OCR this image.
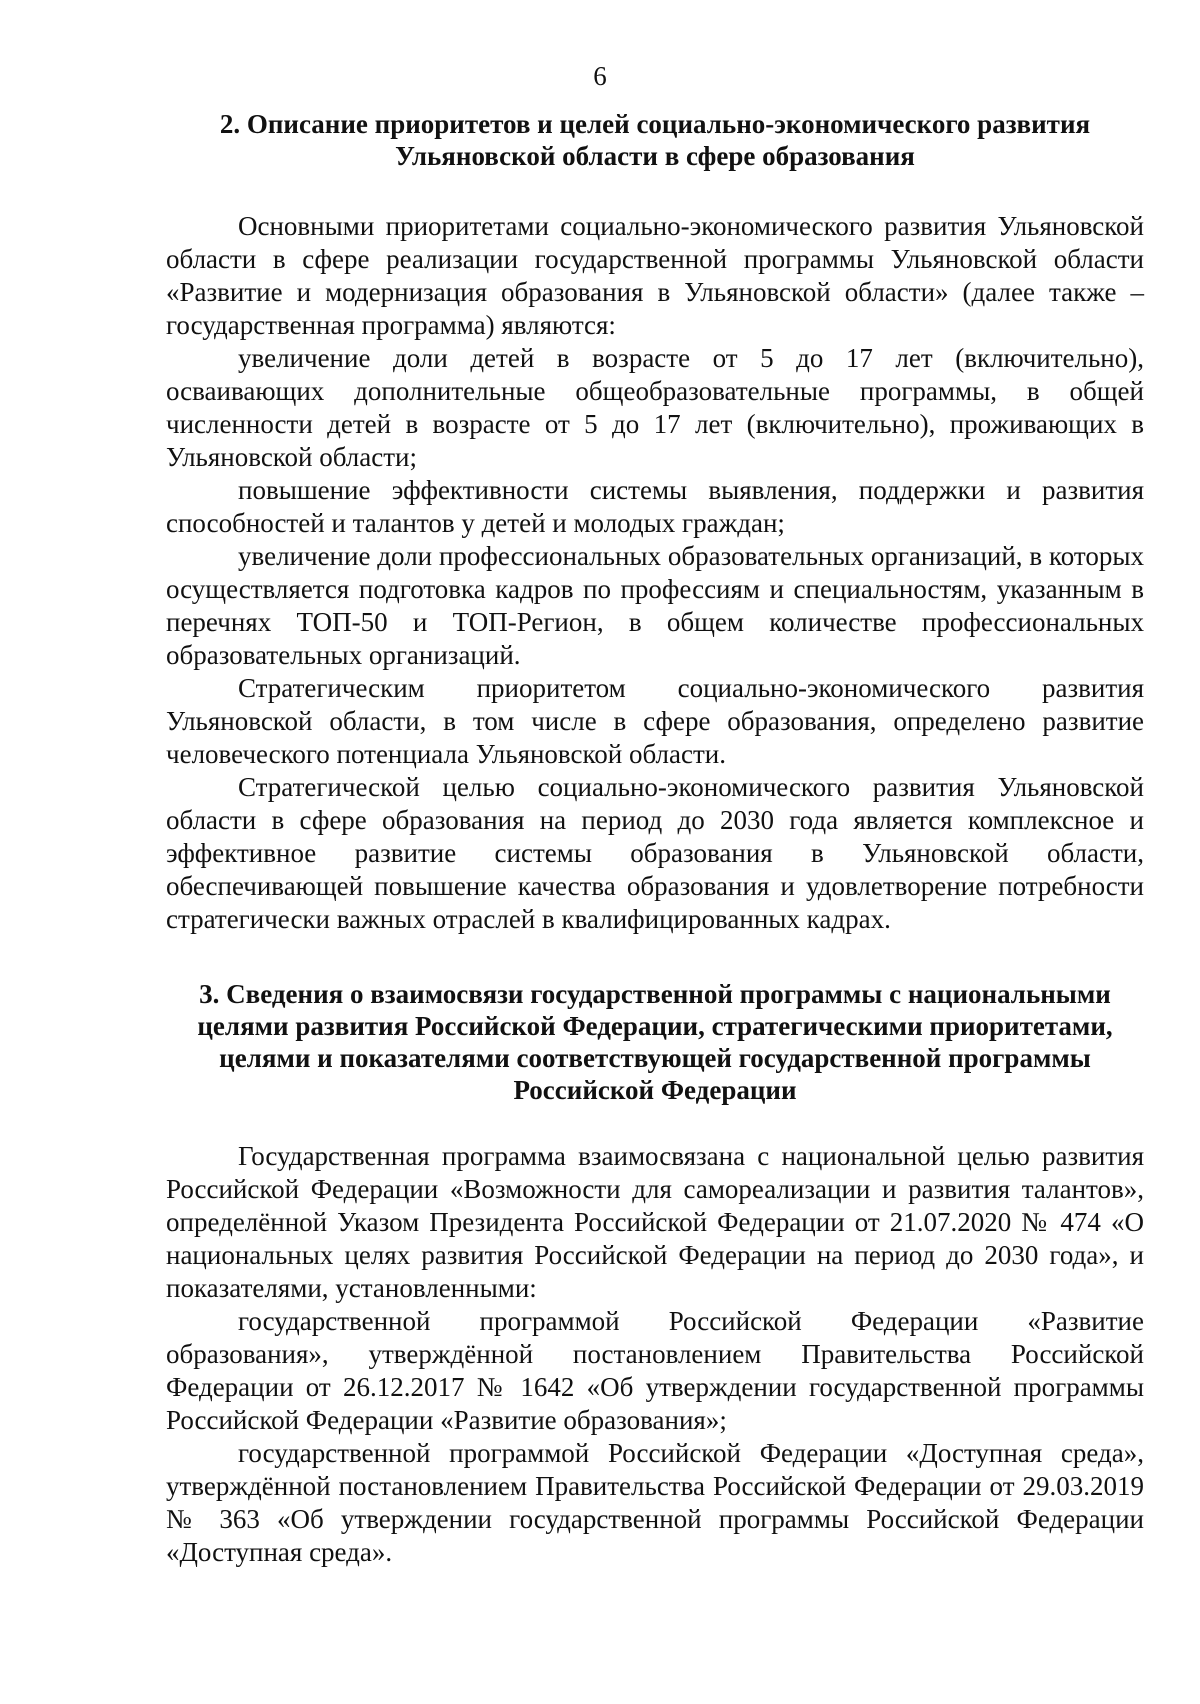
6

2. Описание приоритетов и целей социально-экономического развития Ульяновской области в сфере образования

Основными приоритетами социально-экономического развития Ульяновской области в сфере реализации государственной программы Ульяновской области «Развитие и модернизация образования в Ульяновской области» (далее также – государственная программа) являются:

увеличение доли детей в возрасте от 5 до 17 лет (включительно), осваивающих дополнительные общеобразовательные программы, в общей численности детей в возрасте от 5 до 17 лет (включительно), проживающих в Ульяновской области;

повышение эффективности системы выявления, поддержки и развития способностей и талантов у детей и молодых граждан;

увеличение доли профессиональных образовательных организаций, в которых осуществляется подготовка кадров по профессиям и специальностям, указанным в перечнях ТОП-50 и ТОП-Регион, в общем количестве профессиональных образовательных организаций.

Стратегическим приоритетом социально-экономического развития Ульяновской области, в том числе в сфере образования, определено развитие человеческого потенциала Ульяновской области.

Стратегической целью социально-экономического развития Ульяновской области в сфере образования на период до 2030 года является комплексное и эффективное развитие системы образования в Ульяновской области, обеспечивающей повышение качества образования и удовлетворение потребности стратегически важных отраслей в квалифицированных кадрах.

3. Сведения о взаимосвязи государственной программы с национальными целями развития Российской Федерации, стратегическими приоритетами, целями и показателями соответствующей государственной программы Российской Федерации

Государственная программа взаимосвязана с национальной целью развития Российской Федерации «Возможности для самореализации и развития талантов», определённой Указом Президента Российской Федерации от 21.07.2020 № 474 «О национальных целях развития Российской Федерации на период до 2030 года», и показателями, установленными:

государственной программой Российской Федерации «Развитие образования», утверждённой постановлением Правительства Российской Федерации от 26.12.2017 № 1642 «Об утверждении государственной программы Российской Федерации «Развитие образования»;

государственной программой Российской Федерации «Доступная среда», утверждённой постановлением Правительства Российской Федерации от 29.03.2019 № 363 «Об утверждении государственной программы Российской Федерации «Доступная среда».
